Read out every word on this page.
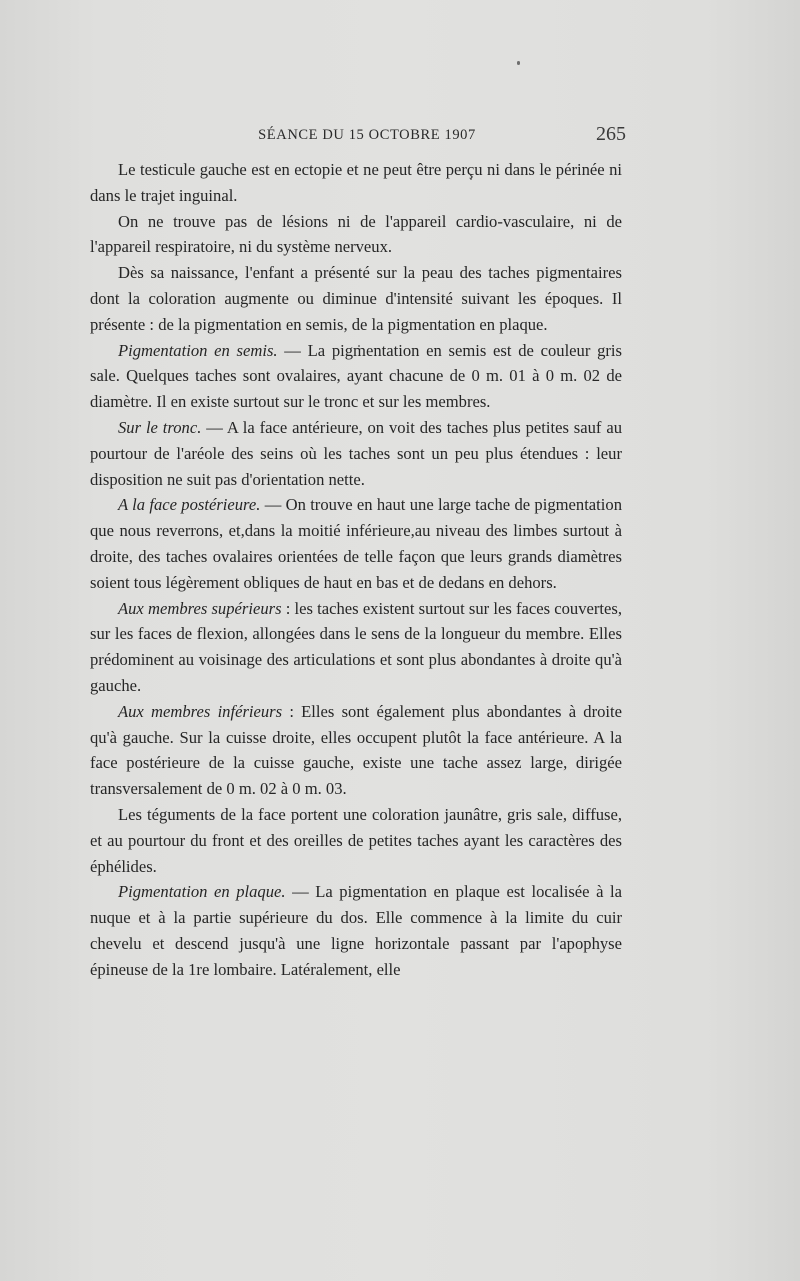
SÉANCE DU 15 OCTOBRE 1907	265

Le testicule gauche est en ectopie et ne peut être perçu ni dans le périnée ni dans le trajet inguinal.

On ne trouve pas de lésions ni de l'appareil cardio-vasculaire, ni de l'appareil respiratoire, ni du système nerveux.

Dès sa naissance, l'enfant a présenté sur la peau des taches pigmentaires dont la coloration augmente ou diminue d'intensité suivant les époques. Il présente : de la pigmentation en semis, de la pigmentation en plaque.

Pigmentation en semis. — La pigmentation en semis est de couleur gris sale. Quelques taches sont ovalaires, ayant chacune de 0 m. 01 à 0 m. 02 de diamètre. Il en existe surtout sur le tronc et sur les membres.

Sur le tronc. — A la face antérieure, on voit des taches plus petites sauf au pourtour de l'aréole des seins où les taches sont un peu plus étendues : leur disposition ne suit pas d'orientation nette.

A la face postérieure. — On trouve en haut une large tache de pigmentation que nous reverrons, et,dans la moitié inférieure,au niveau des limbes surtout à droite, des taches ovalaires orientées de telle façon que leurs grands diamètres soient tous légèrement obliques de haut en bas et de dedans en dehors.

Aux membres supérieurs : les taches existent surtout sur les faces couvertes, sur les faces de flexion, allongées dans le sens de la longueur du membre. Elles prédominent au voisinage des articulations et sont plus abondantes à droite qu'à gauche.

Aux membres inférieurs : Elles sont également plus abondantes à droite qu'à gauche. Sur la cuisse droite, elles occupent plutôt la face antérieure. A la face postérieure de la cuisse gauche, existe une tache assez large, dirigée transversalement de 0 m. 02 à 0 m. 03.

Les téguments de la face portent une coloration jaunâtre, gris sale, diffuse, et au pourtour du front et des oreilles de petites taches ayant les caractères des éphélides.

Pigmentation en plaque. — La pigmentation en plaque est localisée à la nuque et à la partie supérieure du dos. Elle commence à la limite du cuir chevelu et descend jusqu'à une ligne horizontale passant par l'apophyse épineuse de la 1re lombaire. Latéralement, elle
